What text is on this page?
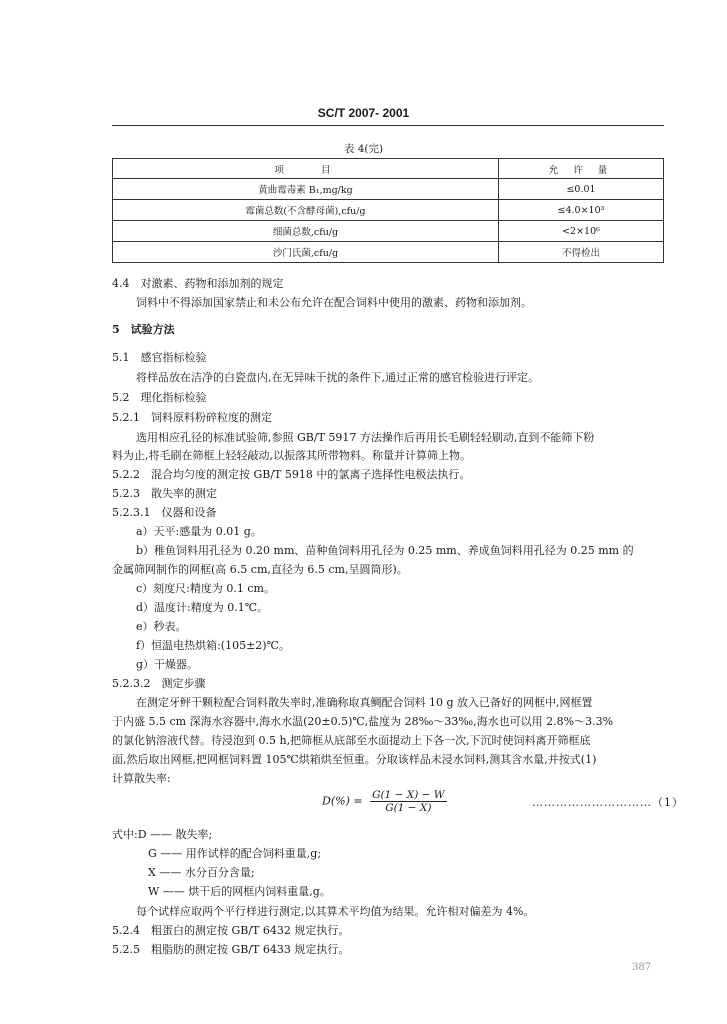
SC/T 2007- 2001
表 4(完)
项　　目	允 许 量
黄曲霉毒素 B₁,mg/kg	≤0.01
霉菌总数(不含酵母菌),cfu/g	≤4.0×10³
细菌总数,cfu/g	<2×10⁶
沙门氏菌,cfu/g	不得检出
4.4　对激素、药物和添加剂的规定
饲料中不得添加国家禁止和未公布允许在配合饲料中使用的激素、药物和添加剂。
5　试验方法
5.1　感官指标检验
将样品放在洁净的白瓷盘内,在无异味干扰的条件下,通过正常的感官检验进行评定。
5.2　理化指标检验
5.2.1　饲料原料粉碎粒度的测定
选用相应孔径的标准试验筛,参照 GB/T 5917 方法操作后再用长毛刷轻轻刷动,直到不能筛下粉
料为止,将毛刷在筛框上轻轻敲动,以振落其所带物料。称量并计算筛上物。
5.2.2　混合均匀度的测定按 GB/T 5918 中的氯离子选择性电极法执行。
5.2.3　散失率的测定
5.2.3.1　仪器和设备
a）天平:感量为 0.01 g。
b）稚鱼饲料用孔径为 0.20 mm、苗种鱼饲料用孔径为 0.25 mm、养成鱼饲料用孔径为 0.25 mm 的
金属筛网制作的网框(高 6.5 cm,直径为 6.5 cm,呈圆筒形)。
c）刻度尺:精度为 0.1 cm。
d）温度计:精度为 0.1℃。
e）秒表。
f）恒温电热烘箱:(105±2)℃。
g）干燥器。
5.2.3.2　测定步骤
在测定牙鲆干颗粒配合饲料散失率时,准确称取真鲷配合饲料 10 g 放入已备好的网框中,网框置
于内盛 5.5 cm 深海水容器中,海水水温(20±0.5)℃,盐度为 28‰～33‰,海水也可以用 2.8%～3.3%
的氯化钠溶液代替。待浸泡到 0.5 h,把筛框从底部至水面提动上下各一次,下沉时使饲料离开筛框底
面,然后取出网框,把网框饲料置 105℃烘箱烘至恒重。分取该样品未浸水饲料,测其含水量,并按式(1)
计算散失率:
$D(\%) = \frac{G(1 - X) - W}{G(1 - X)}$	…………………………（1）
式中:D —— 散失率;
G —— 用作试样的配合饲料重量,g;
X —— 水分百分含量;
W —— 烘干后的网框内饲料重量,g。
每个试样应取两个平行样进行测定,以其算术平均值为结果。允许相对偏差为 4%。
5.2.4　粗蛋白的测定按 GB/T 6432 规定执行。
5.2.5　粗脂肪的测定按 GB/T 6433 规定执行。
387
